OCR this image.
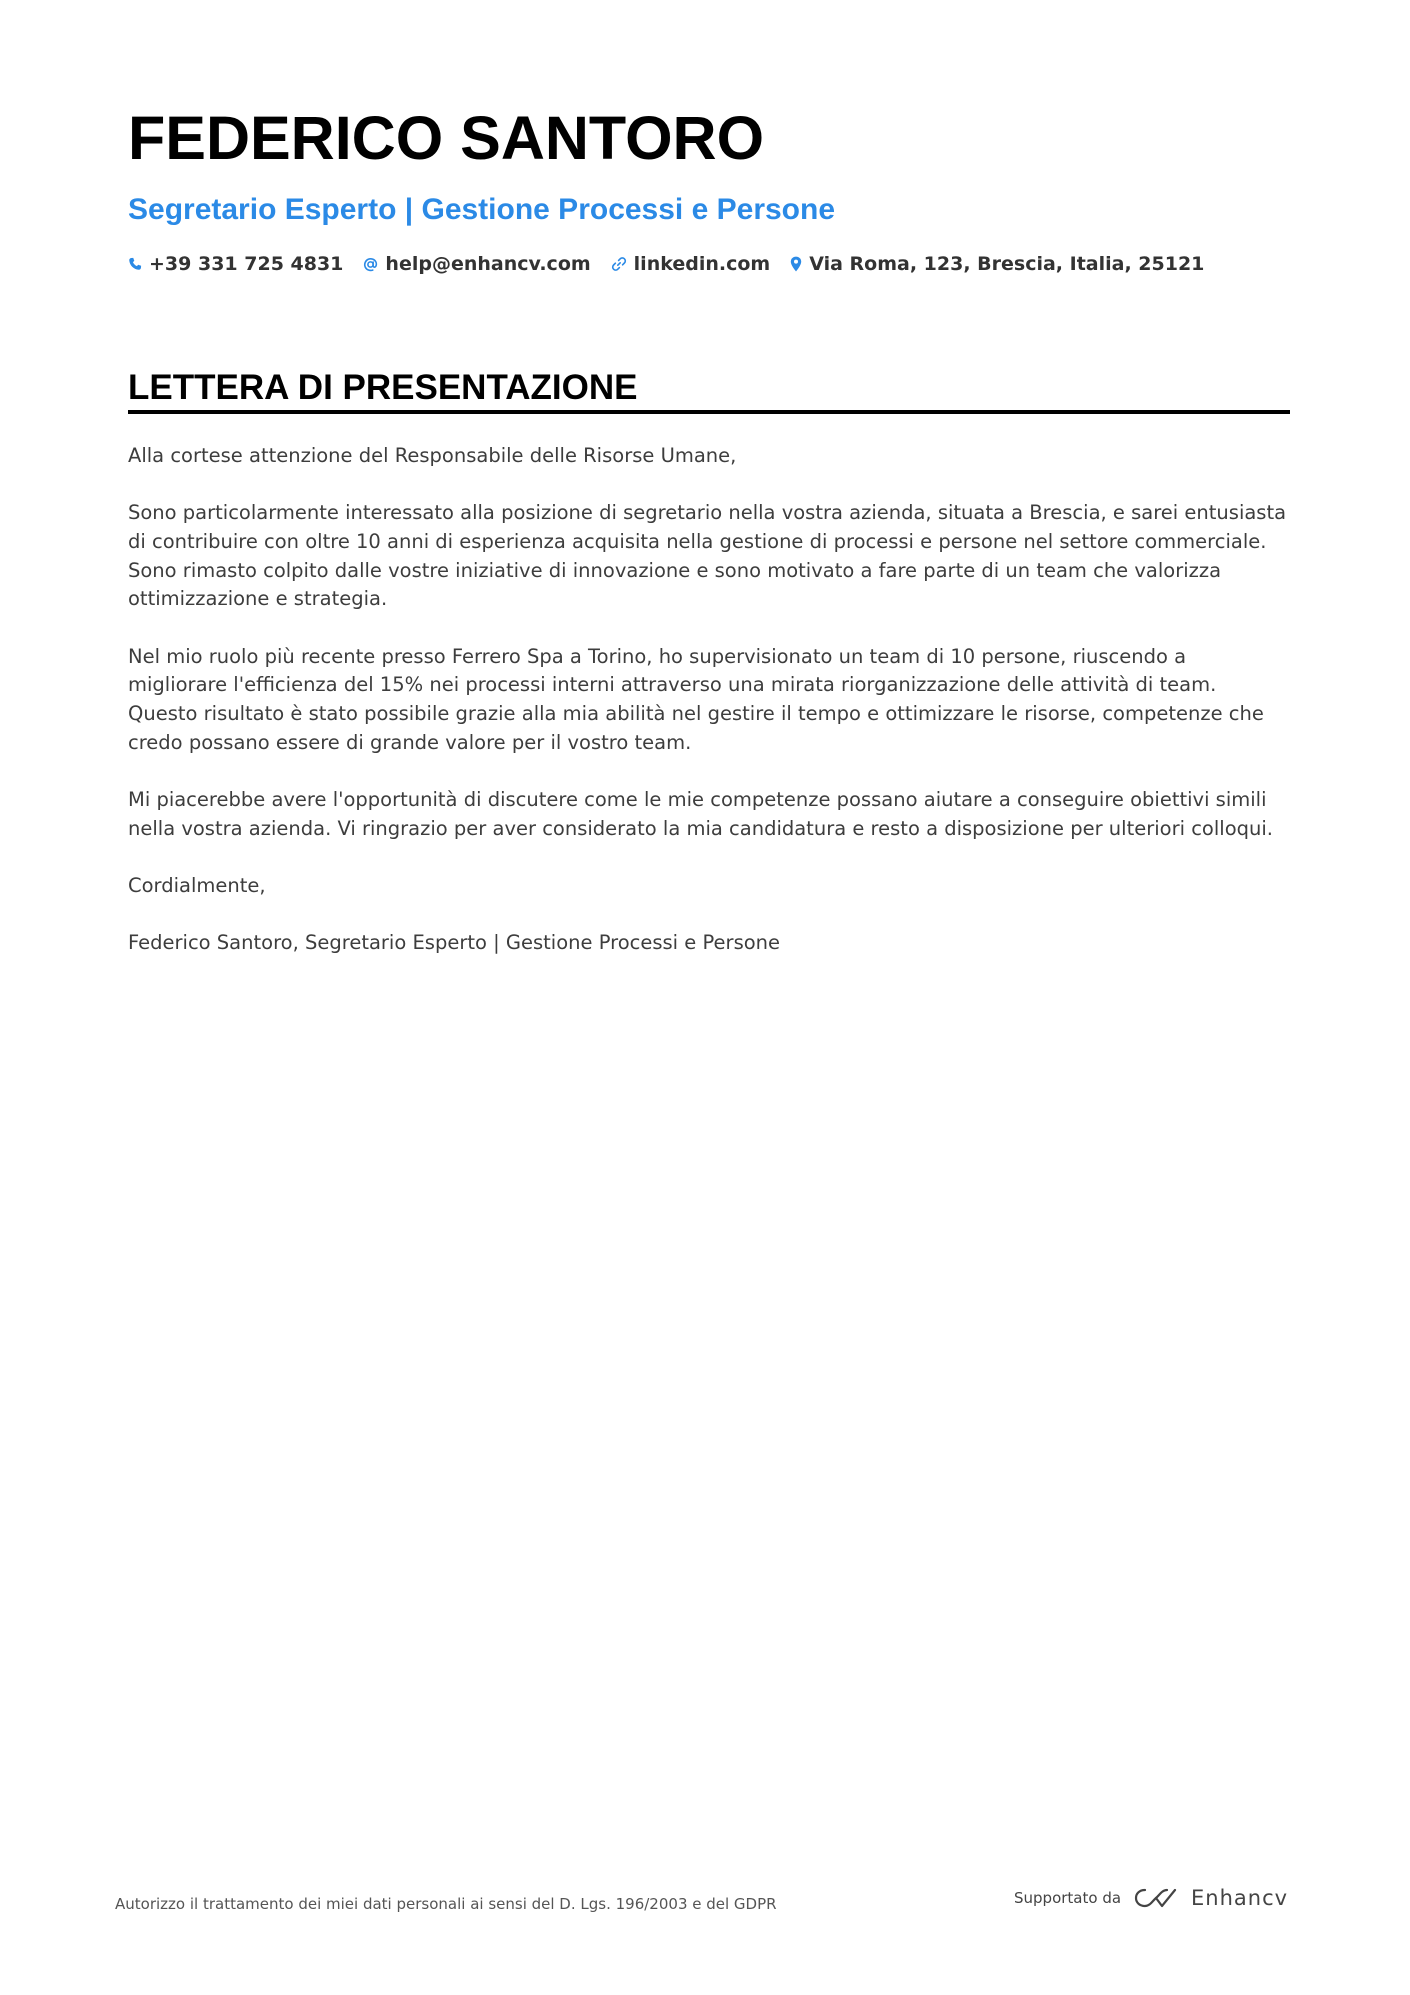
FEDERICO SANTORO
Segretario Esperto | Gestione Processi e Persone
+39 331 725 4831 help@enhancv.com linkedin.com Via Roma, 123, Brescia, Italia, 25121
LETTERA DI PRESENTAZIONE

Alla cortese attenzione del Responsabile delle Risorse Umane,

Sono particolarmente interessato alla posizione di segretario nella vostra azienda, situata a Brescia, e sarei entusiasta di contribuire con oltre 10 anni di esperienza acquisita nella gestione di processi e persone nel settore commerciale. Sono rimasto colpito dalle vostre iniziative di innovazione e sono motivato a fare parte di un team che valorizza ottimizzazione e strategia.

Nel mio ruolo più recente presso Ferrero Spa a Torino, ho supervisionato un team di 10 persone, riuscendo a migliorare l'efficienza del 15% nei processi interni attraverso una mirata riorganizzazione delle attività di team. Questo risultato è stato possibile grazie alla mia abilità nel gestire il tempo e ottimizzare le risorse, competenze che credo possano essere di grande valore per il vostro team.

Mi piacerebbe avere l'opportunità di discutere come le mie competenze possano aiutare a conseguire obiettivi simili nella vostra azienda. Vi ringrazio per aver considerato la mia candidatura e resto a disposizione per ulteriori colloqui.

Cordialmente,

Federico Santoro, Segretario Esperto | Gestione Processi e Persone

Autorizzo il trattamento dei miei dati personali ai sensi del D. Lgs. 196/2003 e del GDPR	Supportato da	Enhancv
